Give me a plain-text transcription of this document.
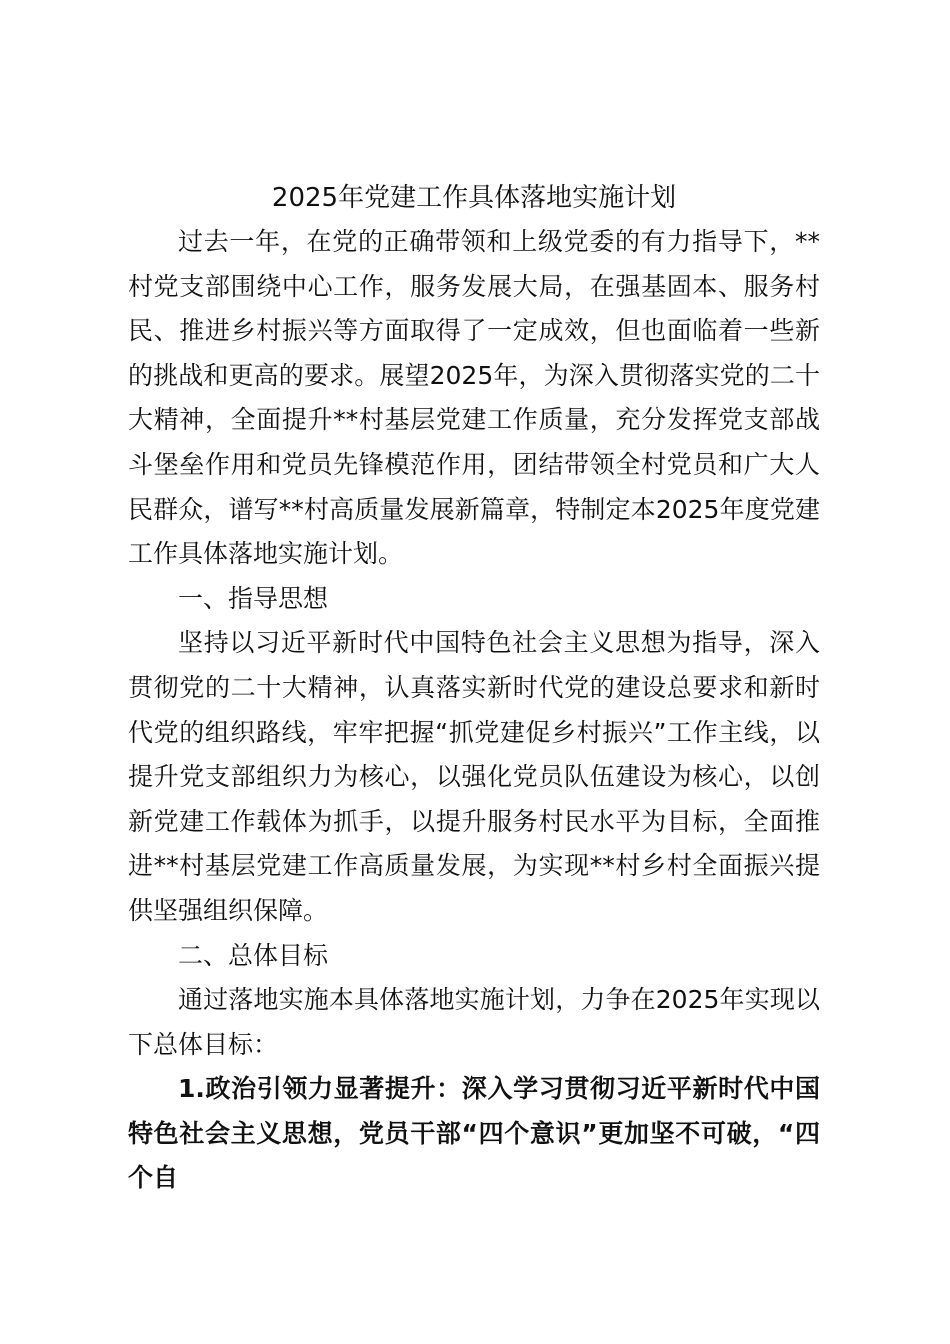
2025年党建工作具体落地实施计划

过去一年，在党的正确带领和上级党委的有力指导下，**村党支部围绕中心工作，服务发展大局，在强基固本、服务村民、推进乡村振兴等方面取得了一定成效，但也面临着一些新的挑战和更高的要求。展望2025年，为深入贯彻落实党的二十大精神，全面提升**村基层党建工作质量，充分发挥党支部战斗堡垒作用和党员先锋模范作用，团结带领全村党员和广大人民群众，谱写**村高质量发展新篇章，特制定本2025年度党建工作具体落地实施计划。

一、指导思想

坚持以习近平新时代中国特色社会主义思想为指导，深入贯彻党的二十大精神，认真落实新时代党的建设总要求和新时代党的组织路线，牢牢把握“抓党建促乡村振兴”工作主线，以提升党支部组织力为核心，以强化党员队伍建设为核心，以创新党建工作载体为抓手，以提升服务村民水平为目标，全面推进**村基层党建工作高质量发展，为实现**村乡村全面振兴提供坚强组织保障。

二、总体目标

通过落地实施本具体落地实施计划，力争在2025年实现以下总体目标：

1.政治引领力显著提升：深入学习贯彻习近平新时代中国特色社会主义思想，党员干部“四个意识”更加坚不可破，“四个自
